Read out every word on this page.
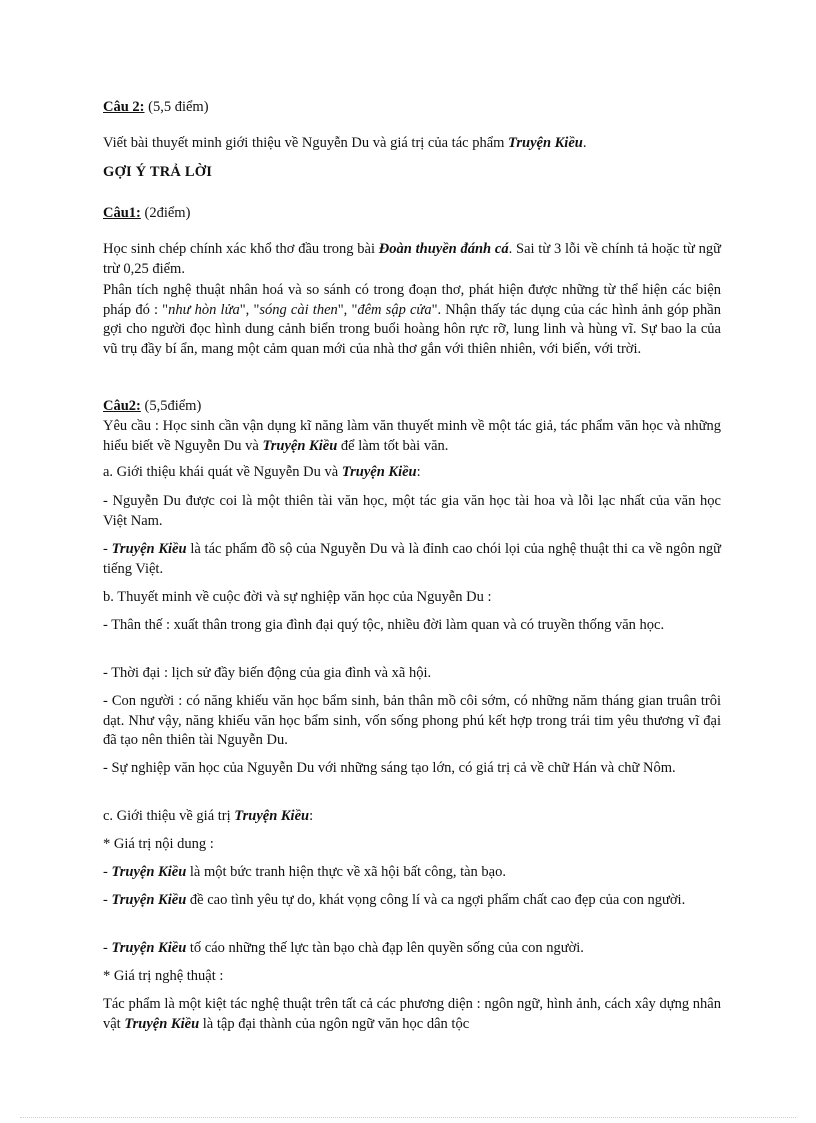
Câu 2: (5,5 điểm)

Viết bài thuyết minh giới thiệu về Nguyễn Du và giá trị của tác phẩm Truyện Kiều.

GỢI Ý TRẢ LỜI

Câu1: (2điểm)

Học sinh chép chính xác khổ thơ đầu trong bài Đoàn thuyền đánh cá. Sai từ 3 lỗi về chính tả hoặc từ ngữ trừ 0,25 điểm.

Phân tích nghệ thuật nhân hoá và so sánh có trong đoạn thơ, phát hiện được những từ thể hiện các biện pháp đó : "như hòn lửa", "sóng cài then", "đêm sập cửa". Nhận thấy tác dụng của các hình ảnh góp phần gợi cho người đọc hình dung cảnh biển trong buổi hoàng hôn rực rỡ, lung linh và hùng vĩ. Sự bao la của vũ trụ đầy bí ẩn, mang một cảm quan mới của nhà thơ gắn với thiên nhiên, với biển, với trời.

Câu2: (5,5điểm)

Yêu cầu : Học sinh cần vận dụng kĩ năng làm văn thuyết minh về một tác giả, tác phẩm văn học và những hiểu biết về Nguyễn Du và Truyện Kiều để làm tốt bài văn.

a. Giới thiệu khái quát về Nguyễn Du và Truyện Kiều:

- Nguyễn Du được coi là một thiên tài văn học, một tác gia văn học tài hoa và lỗi lạc nhất của văn học Việt Nam.

- Truyện Kiều là tác phẩm đồ sộ của Nguyễn Du và là đỉnh cao chói lọi của nghệ thuật thi ca về ngôn ngữ tiếng Việt.

b. Thuyết minh về cuộc đời và sự nghiệp văn học của Nguyễn Du :

- Thân thế : xuất thân trong gia đình đại quý tộc, nhiều đời làm quan và có truyền thống văn học.

- Thời đại : lịch sử đầy biến động của gia đình và xã hội.

- Con người : có năng khiếu văn học bẩm sinh, bản thân mồ côi sớm, có những năm tháng gian truân trôi dạt. Như vậy, năng khiếu văn học bẩm sinh, vốn sống phong phú kết hợp trong trái tim yêu thương vĩ đại đã tạo nên thiên tài Nguyễn Du.

- Sự nghiệp văn học của Nguyễn Du với những sáng tạo lớn, có giá trị cả về chữ Hán và chữ Nôm.

c. Giới thiệu về giá trị Truyện Kiều:

* Giá trị nội dung :

- Truyện Kiều là một bức tranh hiện thực về xã hội bất công, tàn bạo.

- Truyện Kiều đề cao tình yêu tự do, khát vọng công lí và ca ngợi phẩm chất cao đẹp của con người.

- Truyện Kiều tố cáo những thế lực tàn bạo chà đạp lên quyền sống của con người.

* Giá trị nghệ thuật :

Tác phẩm là một kiệt tác nghệ thuật trên tất cả các phương diện : ngôn ngữ, hình ảnh, cách xây dựng nhân vật Truyện Kiều là tập đại thành của ngôn ngữ văn học dân tộc
